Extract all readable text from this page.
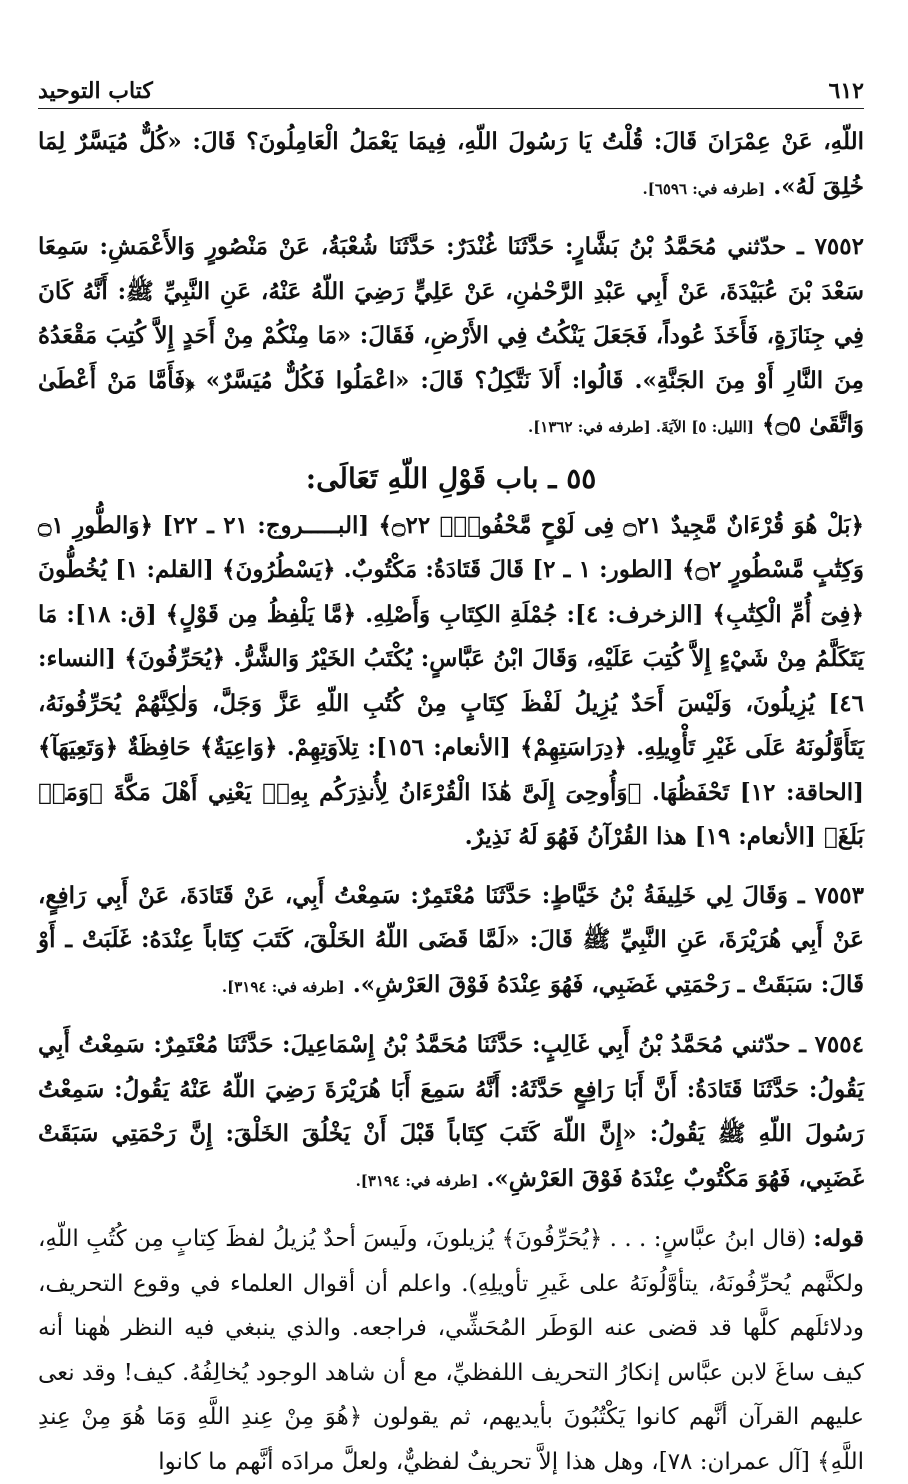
٦١٢
كتاب التوحيد

اللّهِ، عَنْ عِمْرَانَ قَالَ: قُلْتُ يَا رَسُولَ اللّهِ، فِيمَا يَعْمَلُ الْعَامِلُونَ؟ قَالَ: «كُلٌّ مُيَسَّرٌ لِمَا خُلِقَ لَهُ». [طرفه في: ٦٥٩٦].

٧٥٥٢ ـ حدّثني مُحَمَّدُ بْنُ بَشَّارٍ: حَدَّثَنَا غُنْدَرٌ: حَدَّثَنَا شُعْبَةُ، عَنْ مَنْصُورٍ وَالأَعْمَشِ: سَمِعَا سَعْدَ بْنَ عُبَيْدَةَ، عَنْ أَبِي عَبْدِ الرَّحْمٰنِ، عَنْ عَلِيٍّ رَضِيَ اللّهُ عَنْهُ، عَنِ النَّبِيِّ ﷺ: أَنَّهُ كَانَ فِي جِنَازَةٍ، فَأَخَذَ عُوداً، فَجَعَلَ يَنْكُتُ فِي الأَرْضِ، فَقَالَ: «مَا مِنْكُمْ مِنْ أَحَدٍ إِلاَّ كُتِبَ مَقْعَدُهُ مِنَ النَّارِ أَوْ مِنَ الجَنَّةِ». قَالُوا: أَلاَ نَتَّكِلُ؟ قَالَ: «اعْمَلُوا فَكُلٌّ مُيَسَّرٌ» ﴿فَأَمَّا مَنْ أَعْطَىٰ وَاتَّقَىٰ ۝٥﴾ [الليل: ٥] الآيَةَ. [طرفه في: ١٣٦٢].

٥٥ ـ باب قَوْلِ اللّهِ تَعَالَى:

﴿بَلْ هُوَ قُرْءَانٌ مَّجِيدٌ ۝٢١ فِى لَوْحٍ مَّحْفُوظٍۭ ۝٢٢﴾ [البـــــروج: ٢١ ـ ٢٢] ﴿وَالطُّورِ ۝١ وَكِتَٰبٍ مَّسْطُورٍ ۝٢﴾ [الطور: ١ ـ ٢] قَالَ قَتَادَةُ: مَكْتُوبٌ. ﴿يَسْطُرُونَ﴾ [القلم: ١] يُخُطُّونَ ﴿فِىٓ أُمِّ الْكِتَٰبِ﴾ [الزخرف: ٤]: جُمْلَةِ الكِتَابِ وَأَصْلِهِ. ﴿مَّا يَلْفِظُ مِن قَوْلٍ﴾ [ق: ١٨]: مَا يَتَكَلَّمُ مِنْ شَيْءٍ إِلاَّ كُتِبَ عَلَيْهِ، وَقَالَ ابْنُ عَبَّاسٍ: يُكْتَبُ الخَيْرُ وَالشَّرُّ. ﴿يُحَرِّفُونَ﴾ [النساء: ٤٦] يُزِيلُونَ، وَلَيْسَ أَحَدٌ يُزِيلُ لَفْظَ كِتَابٍ مِنْ كُتُبِ اللّهِ عَزَّ وَجَلَّ، وَلٰكِنَّهُمْ يُحَرِّفُونَهُ، يَتَأَوَّلُونَهُ عَلَى غَيْرِ تَأْوِيلِهِ. ﴿دِرَاسَتِهِمْ﴾ [الأنعام: ١٥٦]: تِلاَوَتِهِمْ. ﴿وَاعِيَةٌ﴾ حَافِظَةٌ ﴿وَتَعِيَهَآ﴾ [الحاقة: ١٢] تَحْفَظُهَا. ﴿وَأُوحِىَ إِلَىَّ هَٰذَا الْقُرْءَانُ لِأُنذِرَكُم بِهِۦ﴾ يَعْنِي أَهْلَ مَكَّةَ ﴿وَمَنۢ بَلَغَ﴾ [الأنعام: ١٩] هذا القُرْآنُ فَهُوَ لَهُ نَذِيرٌ.

٧٥٥٣ ـ وَقَالَ لِي خَلِيفَةُ بْنُ خَيَّاطٍ: حَدَّثَنَا مُعْتَمِرٌ: سَمِعْتُ أَبِي، عَنْ قَتَادَةَ، عَنْ أَبِي رَافِعٍ، عَنْ أَبِي هُرَيْرَةَ، عَنِ النَّبِيِّ ﷺ قَالَ: «لَمَّا قَضَى اللّهُ الخَلْقَ، كَتَبَ كِتَاباً عِنْدَهُ: غَلَبَتْ ـ أَوْ قَالَ: سَبَقَتْ ـ رَحْمَتِي غَضَبِي، فَهُوَ عِنْدَهُ فَوْقَ العَرْشِ». [طرفه في: ٣١٩٤].

٧٥٥٤ ـ حدّثني مُحَمَّدُ بْنُ أَبِي غَالِبٍ: حَدَّثَنَا مُحَمَّدُ بْنُ إِسْمَاعِيلَ: حَدَّثَنَا مُعْتَمِرٌ: سَمِعْتُ أَبِي يَقُولُ: حَدَّثَنَا قَتَادَةُ: أَنَّ أَبَا رَافِعٍ حَدَّثَهُ: أَنَّهُ سَمِعَ أَبَا هُرَيْرَةَ رَضِيَ اللّهُ عَنْهُ يَقُولُ: سَمِعْتُ رَسُولَ اللّهِ ﷺ يَقُولُ: «إِنَّ اللّهَ كَتَبَ كِتَاباً قَبْلَ أَنْ يَخْلُقَ الخَلْقَ: إِنَّ رَحْمَتِي سَبَقَتْ غَضَبِي، فَهُوَ مَكْتُوبٌ عِنْدَهُ فَوْقَ العَرْشِ». [طرفه في: ٣١٩٤].

قوله: (قال ابنُ عبَّاسٍ: . . . ﴿يُحَرِّفُونَ﴾ يُزيلونَ، ولَيسَ أحدٌ يُزيلُ لفظَ كِتابٍ مِن كُتُبِ اللّهِ، ولكنَّهم يُحرِّفُونَهُ، يتأوَّلُونَهُ على غَيرِ تأويلِهِ). واعلم أن أقوال العلماء في وقوع التحريف، ودلائلَهم كلَّها قد قضى عنه الوَطَر المُحَشِّي، فراجعه. والذي ينبغي فيه النظر هٰهنا أنه كيف ساغَ لابن عبَّاس إنكارُ التحريف اللفظيِّ، مع أن شاهد الوجود يُخالِفُهُ. كيف! وقد نعى عليهم القرآن أنَّهم كانوا يَكْتُبُونَ بأيديهم، ثم يقولون ﴿هُوَ مِنْ عِندِ اللَّهِ وَمَا هُوَ مِنْ عِندِ اللَّهِ﴾ [آل عمران: ٧٨]، وهل هذا إلاَّ تحريفٌ لفظيٌّ، ولعلَّ مرادَه أنَّهم ما كانوا
